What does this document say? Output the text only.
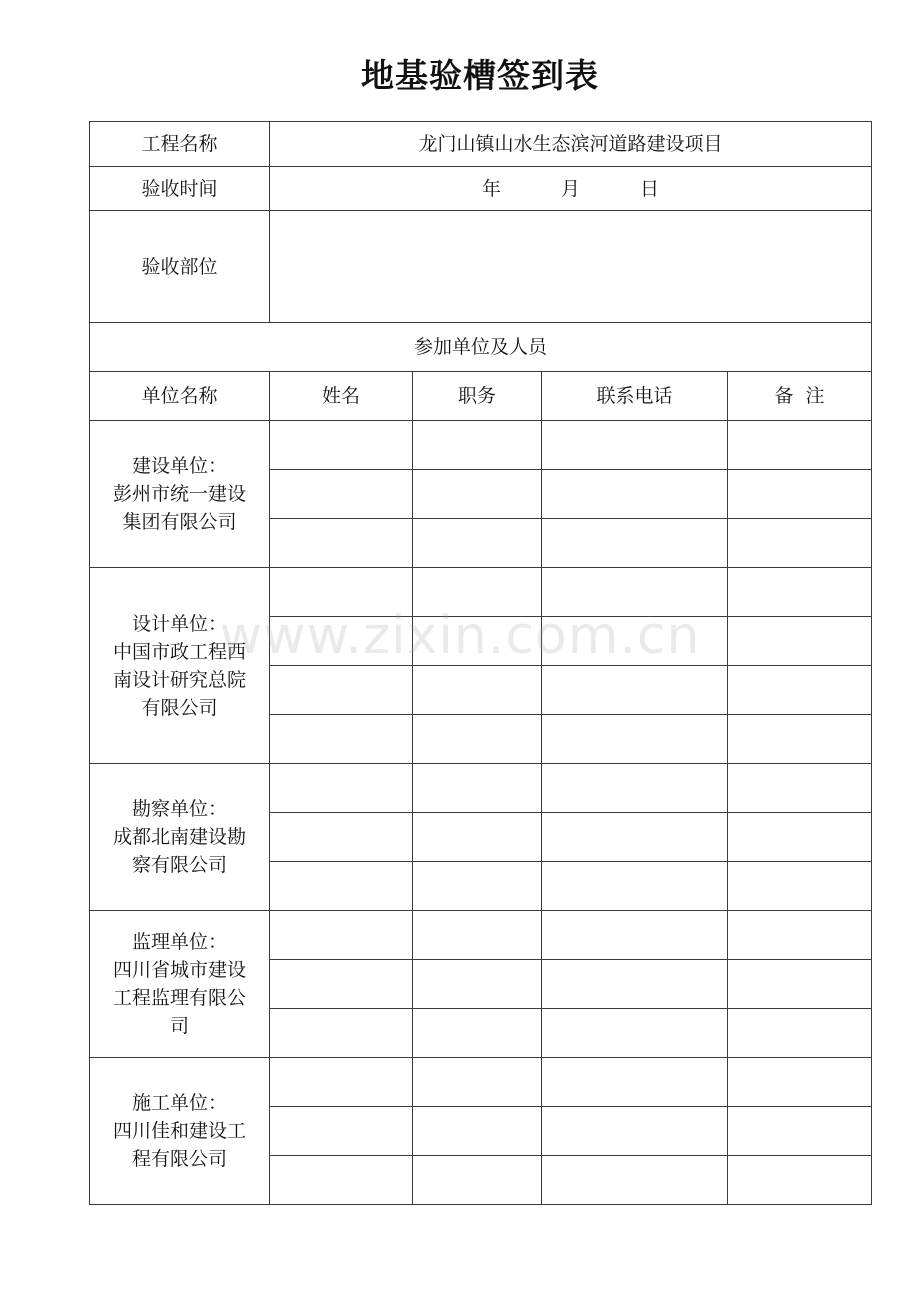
地基验槽签到表
工程名称	龙门山镇山水生态滨河道路建设项目			
验收时间	年 月 日			
验收部位				
参加单位及人员				
单位名称	姓名	职务	联系电话	备  注

建设单位：
彭州市统一建设
集团有限公司				

设计单位：
中国市政工程西
南设计研究总院
有限公司				

勘察单位：
成都北南建设勘
察有限公司				

监理单位：
四川省城市建设
工程监理有限公
司				

施工单位：
四川佳和建设工
程有限公司				

www.zixin.com.cn
